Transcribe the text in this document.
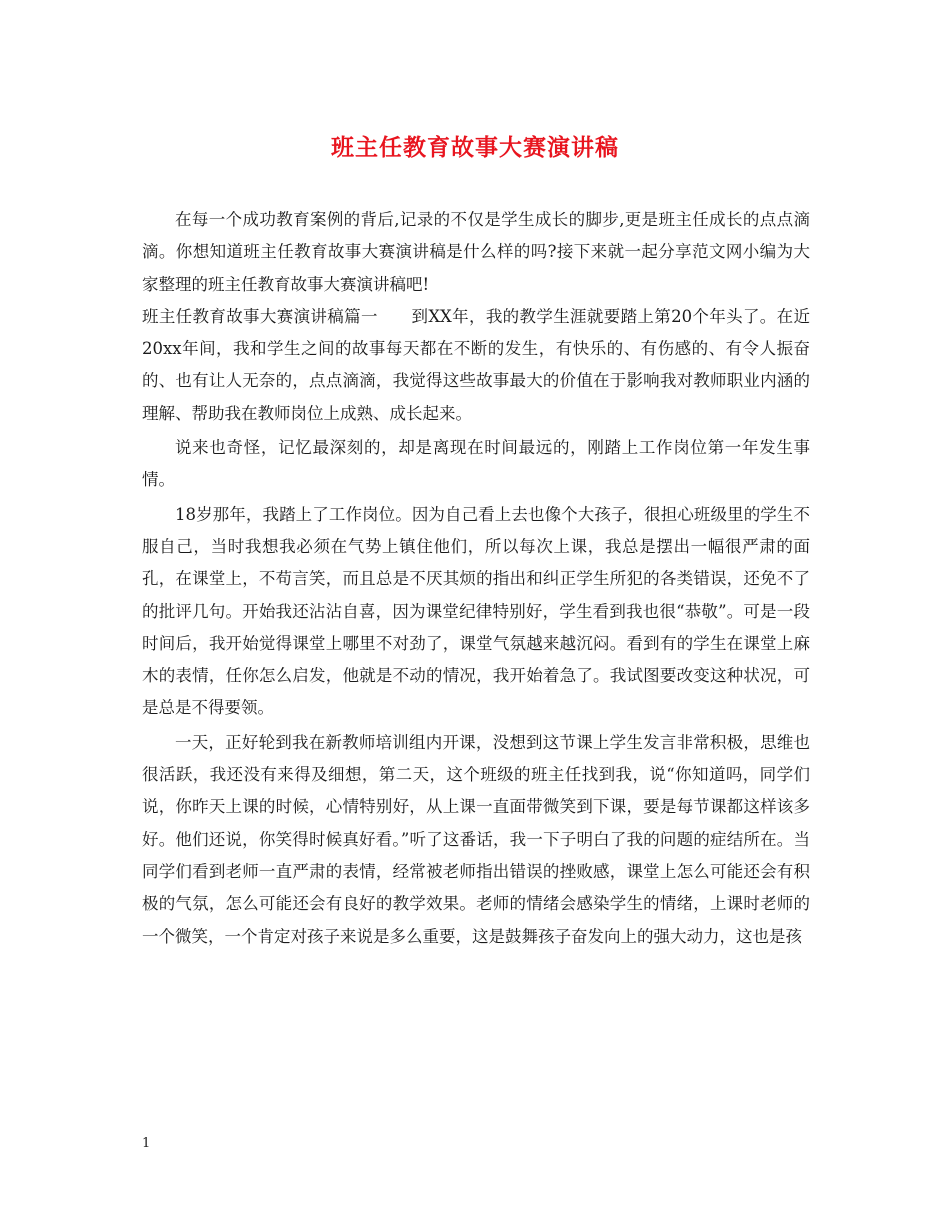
班主任教育故事大赛演讲稿

在每一个成功教育案例的背后,记录的不仅是学生成长的脚步,更是班主任成长的点点滴滴。你想知道班主任教育故事大赛演讲稿是什么样的吗?接下来就一起分享范文网小编为大家整理的班主任教育故事大赛演讲稿吧!

班主任教育故事大赛演讲稿篇一　　到XX年，我的教学生涯就要踏上第20个年头了。在近20xx年间，我和学生之间的故事每天都在不断的发生，有快乐的、有伤感的、有令人振奋的、也有让人无奈的，点点滴滴，我觉得这些故事最大的价值在于影响我对教师职业内涵的理解、帮助我在教师岗位上成熟、成长起来。

说来也奇怪，记忆最深刻的，却是离现在时间最远的，刚踏上工作岗位第一年发生事情。

18岁那年，我踏上了工作岗位。因为自己看上去也像个大孩子，很担心班级里的学生不服自己，当时我想我必须在气势上镇住他们，所以每次上课，我总是摆出一幅很严肃的面孔，在课堂上，不苟言笑，而且总是不厌其烦的指出和纠正学生所犯的各类错误，还免不了的批评几句。开始我还沾沾自喜，因为课堂纪律特别好，学生看到我也很“恭敬”。可是一段时间后，我开始觉得课堂上哪里不对劲了，课堂气氛越来越沉闷。看到有的学生在课堂上麻木的表情，任你怎么启发，他就是不动的情况，我开始着急了。我试图要改变这种状况，可是总是不得要领。

一天，正好轮到我在新教师培训组内开课，没想到这节课上学生发言非常积极，思维也很活跃，我还没有来得及细想，第二天，这个班级的班主任找到我，说“你知道吗，同学们说，你昨天上课的时候，心情特别好，从上课一直面带微笑到下课，要是每节课都这样该多好。他们还说，你笑得时候真好看。”听了这番话，我一下子明白了我的问题的症结所在。当同学们看到老师一直严肃的表情，经常被老师指出错误的挫败感，课堂上怎么可能还会有积极的气氛，怎么可能还会有良好的教学效果。老师的情绪会感染学生的情绪，上课时老师的一个微笑，一个肯定对孩子来说是多么重要，这是鼓舞孩子奋发向上的强大动力，这也是孩

1
